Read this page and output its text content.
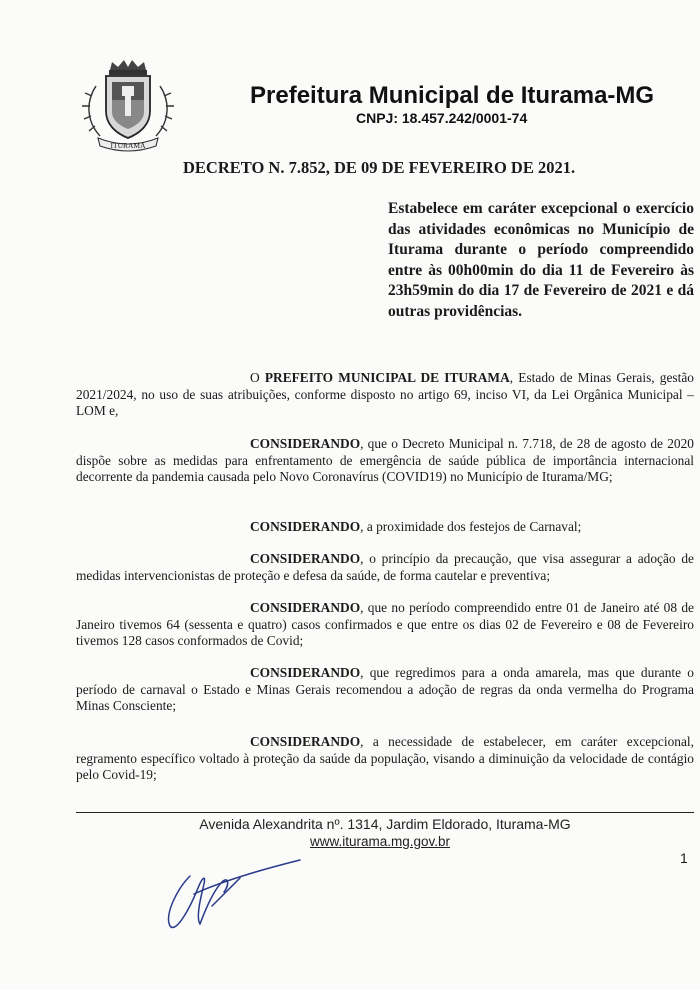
ITURAMA
Prefeitura Municipal de Iturama-MG
CNPJ: 18.457.242/0001-74
DECRETO N. 7.852, DE 09 DE FEVEREIRO DE 2021.
Estabelece em caráter excepcional o exercício das atividades econômicas no Município de Iturama durante o período compreendido entre às 00h00min do dia 11 de Fevereiro às 23h59min do dia 17 de Fevereiro de 2021 e dá outras providências.
O PREFEITO MUNICIPAL DE ITURAMA, Estado de Minas Gerais, gestão 2021/2024, no uso de suas atribuições, conforme disposto no artigo 69, inciso VI, da Lei Orgânica Municipal – LOM e,
CONSIDERANDO, que o Decreto Municipal n. 7.718, de 28 de agosto de 2020 dispõe sobre as medidas para enfrentamento de emergência de saúde pública de importância internacional decorrente da pandemia causada pelo Novo Coronavírus (COVID19) no Município de Iturama/MG;
CONSIDERANDO, a proximidade dos festejos de Carnaval;
CONSIDERANDO, o princípio da precaução, que visa assegurar a adoção de medidas intervencionistas de proteção e defesa da saúde, de forma cautelar e preventiva;
CONSIDERANDO, que no período compreendido entre 01 de Janeiro até 08 de Janeiro tivemos 64 (sessenta e quatro) casos confirmados e que entre os dias 02 de Fevereiro e 08 de Fevereiro tivemos 128 casos conformados de Covid;
CONSIDERANDO, que regredimos para a onda amarela, mas que durante o período de carnaval o Estado e Minas Gerais recomendou a adoção de regras da onda vermelha do Programa Minas Consciente;
CONSIDERANDO, a necessidade de estabelecer, em caráter excepcional, regramento específico voltado à proteção da saúde da população, visando a diminuição da velocidade de contágio pelo Covid-19;
Avenida Alexandrita nº. 1314, Jardim Eldorado, Iturama-MG
www.iturama.mg.gov.br
1
